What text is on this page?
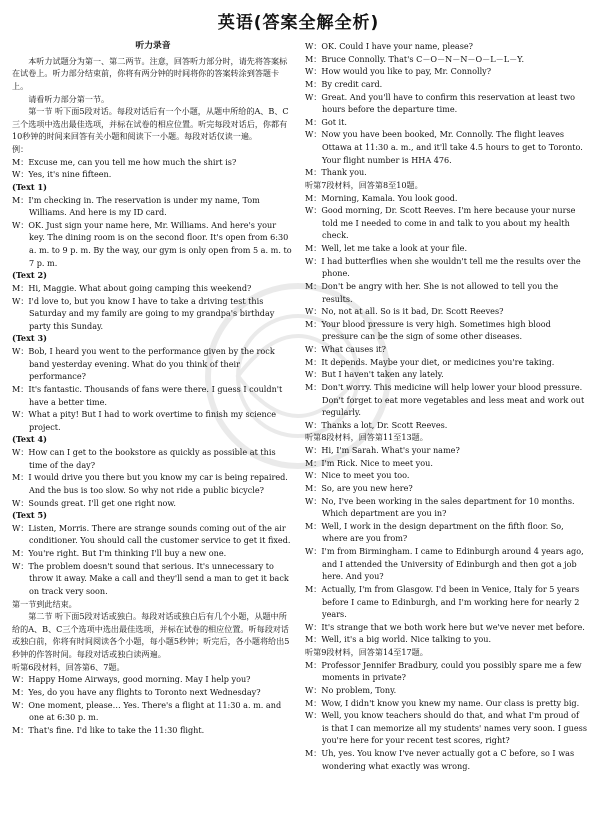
英语(答案全解全析)
听力录音

本听力试题分为第一、第二两节。注意，回答听力部分时，请先将答案标在试卷上。听力部分结束前，你将有两分钟的时间将你的答案转涂到答题卡上。

请看听力部分第一节。

第一节 听下面5段对话。每段对话后有一个小题，从题中所给的A、B、C三个选项中选出最佳选项，并标在试卷的相应位置。听完每段对话后，你都有10秒钟的时间来回答有关小题和阅读下一小题。每段对话仅读一遍。

例：

M：Excuse me, can you tell me how much the shirt is?

W：Yes, it's nine fifteen.

(Text 1)

M：I'm checking in. The reservation is under my name, Tom Williams. And here is my ID card.

W：OK. Just sign your name here, Mr. Williams. And here's your key. The dining room is on the second floor. It's open from 6:30 a. m. to 9 p. m. By the way, our gym is only open from 5 a. m. to 7 p. m.

(Text 2)

M：Hi, Maggie. What about going camping this weekend?

W：I'd love to, but you know I have to take a driving test this Saturday and my family are going to my grandpa's birthday party this Sunday.

(Text 3)

W：Bob, I heard you went to the performance given by the rock band yesterday evening. What do you think of their performance?

M：It's fantastic. Thousands of fans were there. I guess I couldn't have a better time.

W：What a pity! But I had to work overtime to finish my science project.

(Text 4)

W：How can I get to the bookstore as quickly as possible at this time of the day?

M：I would drive you there but you know my car is being repaired. And the bus is too slow. So why not ride a public bicycle?

W：Sounds great. I'll get one right now.

(Text 5)

W：Listen, Morris. There are strange sounds coming out of the air conditioner. You should call the customer service to get it fixed.

M：You're right. But I'm thinking I'll buy a new one.

W：The problem doesn't sound that serious. It's unnecessary to throw it away. Make a call and they'll send a man to get it back on track very soon.

第一节到此结束。

第二节 听下面5段对话或独白。每段对话或独白后有几个小题，从题中所给的A、B、C三个选项中选出最佳选项，并标在试卷的相应位置。听每段对话或独白前，你将有时间阅读各个小题，每小题5秒钟；听完后，各小题将给出5秒钟的作答时间。每段对话或独白读两遍。

听第6段材料，回答第6、7题。

W：Happy Home Airways, good morning. May I help you?

M：Yes, do you have any flights to Toronto next Wednesday?

W：One moment, please… Yes. There's a flight at 11:30 a. m. and one at 6:30 p. m.

M：That's fine. I'd like to take the 11:30 flight.

W：OK. Could I have your name, please?

M：Bruce Connolly. That's C－O－N－N－O－L－L－Y.

W：How would you like to pay, Mr. Connolly?

M：By credit card.

W：Great. And you'll have to confirm this reservation at least two hours before the departure time.

M：Got it.

W：Now you have been booked, Mr. Connolly. The flight leaves Ottawa at 11:30 a. m., and it'll take 4.5 hours to get to Toronto. Your flight number is HHA 476.

M：Thank you.

听第7段材料，回答第8至10题。

M：Morning, Kamala. You look good.

W：Good morning, Dr. Scott Reeves. I'm here because your nurse told me I needed to come in and talk to you about my health check.

M：Well, let me take a look at your file.

W：I had butterflies when she wouldn't tell me the results over the phone.

M：Don't be angry with her. She is not allowed to tell you the results.

W：No, not at all. So is it bad, Dr. Scott Reeves?

M：Your blood pressure is very high. Sometimes high blood pressure can be the sign of some other diseases.

W：What causes it?

M：It depends. Maybe your diet, or medicines you're taking.

W：But I haven't taken any lately.

M：Don't worry. This medicine will help lower your blood pressure. Don't forget to eat more vegetables and less meat and work out regularly.

W：Thanks a lot, Dr. Scott Reeves.

听第8段材料，回答第11至13题。

W：Hi, I'm Sarah. What's your name?

M：I'm Rick. Nice to meet you.

W：Nice to meet you too.

M：So, are you new here?

W：No, I've been working in the sales department for 10 months. Which department are you in?

M：Well, I work in the design department on the fifth floor. So, where are you from?

W：I'm from Birmingham. I came to Edinburgh around 4 years ago, and I attended the University of Edinburgh and then got a job here. And you?

M：Actually, I'm from Glasgow. I'd been in Venice, Italy for 5 years before I came to Edinburgh, and I'm working here for nearly 2 years.

W：It's strange that we both work here but we've never met before.

M：Well, it's a big world. Nice talking to you.

听第9段材料，回答第14至17题。

M：Professor Jennifer Bradbury, could you possibly spare me a few moments in private?

W：No problem, Tony.

M：Wow, I didn't know you knew my name. Our class is pretty big.

W：Well, you know teachers should do that, and what I'm proud of is that I can memorize all my students' names very soon. I guess you're here for your recent test scores, right?

M：Uh, yes. You know I've never actually got a C before, so I was wondering what exactly was wrong.
